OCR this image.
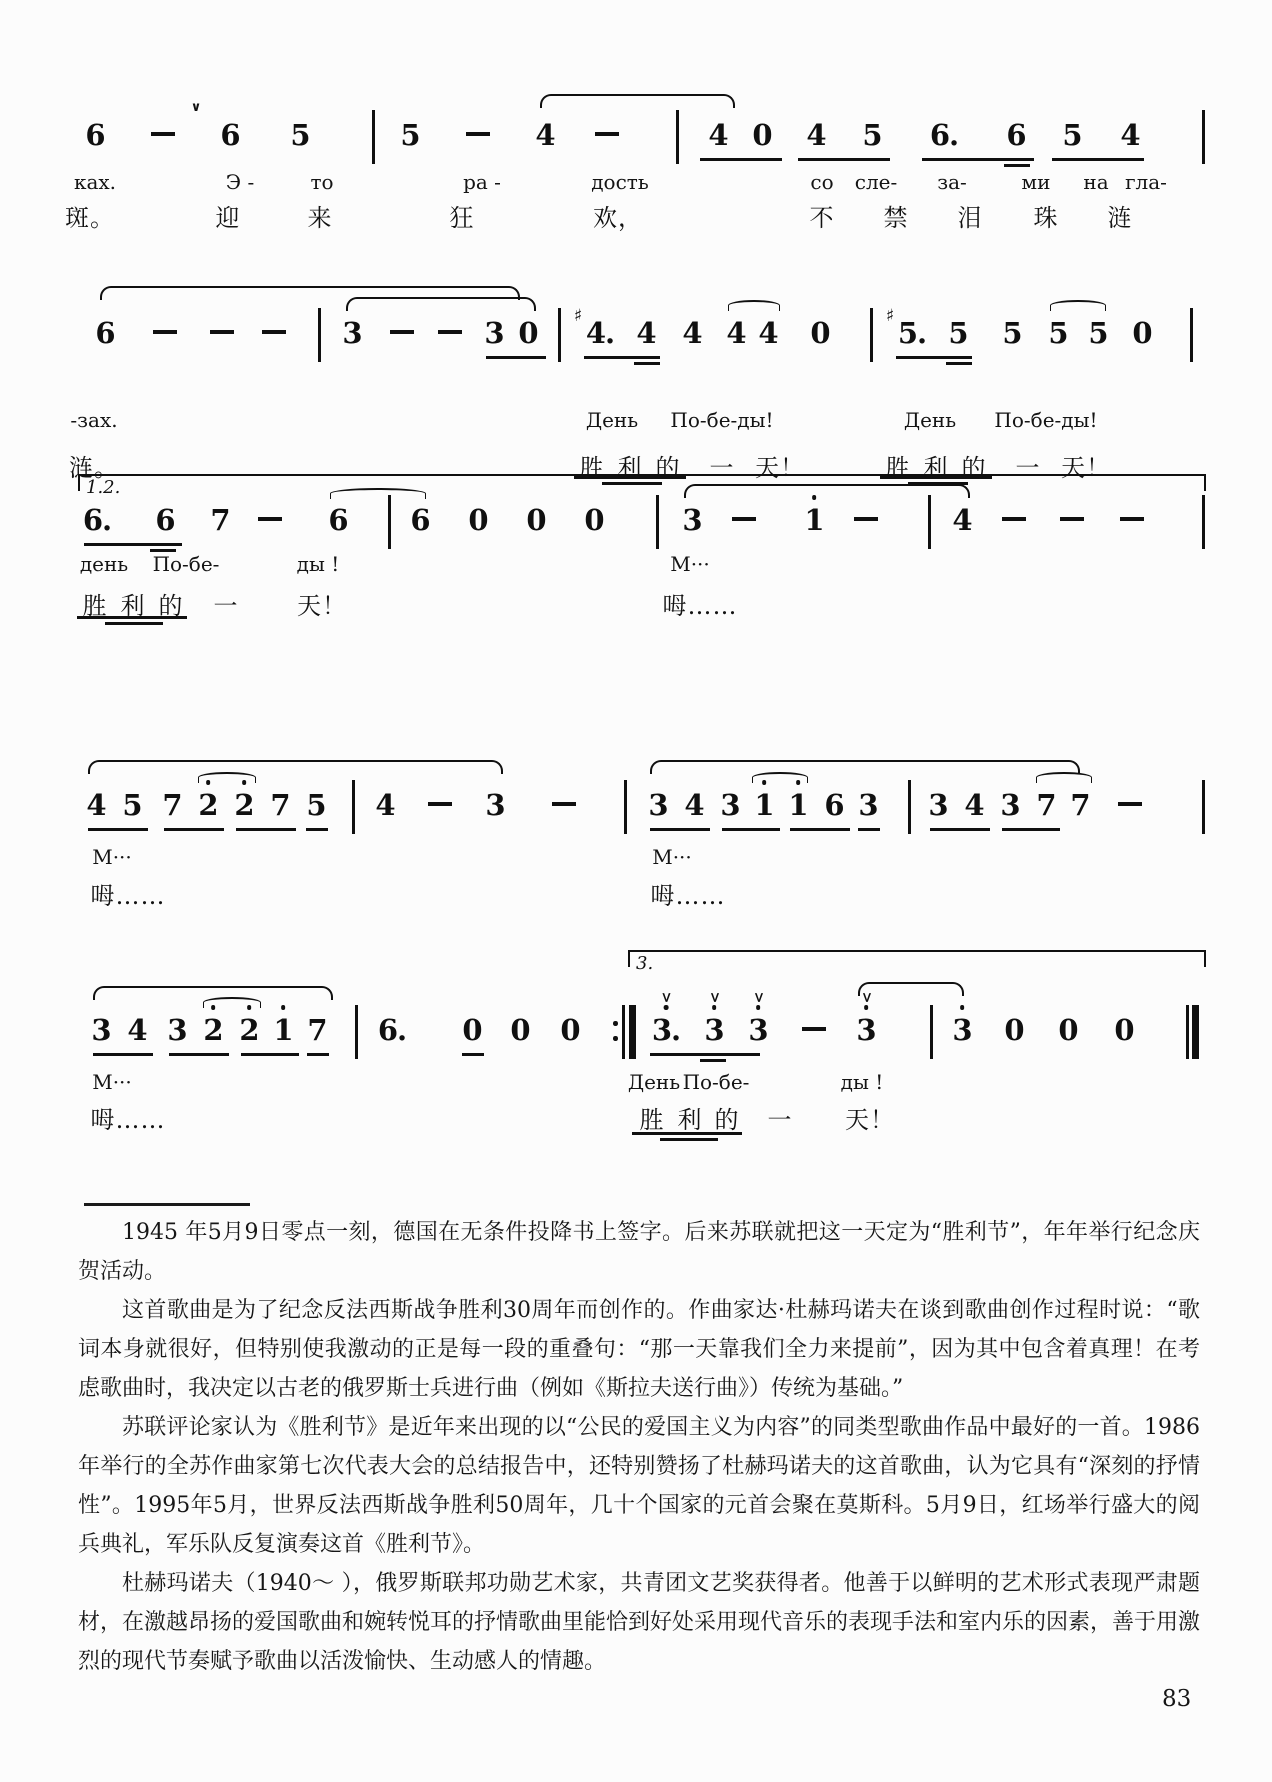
6	6 5	5	4	4 0 4 5 6. 6 5 4
∨
ках.	Э -	то	ра -	дость	со сле- за-	ми на гла-
斑。	迎	来	狂	欢，	不 禁 泪 珠 涟
6	3	3 0 4. 4 4 4 4 0 5. 5 5 5 5 0
♯	♯
-зах.	День По-бе-ды!	День По-бе-ды!
涟。	胜 利 的 一 天！	胜 利 的 一 天！
6. 6 7	6 6 0 0 0	3	1	4
1.2.
день По-бе-	ды !	М···
胜 利 的 一 天！	呣……
4 5 7 2 2 7 5 4	3	3 4 3 1 1 6 3 3 4 3 7 7
М···	М···
呣……	呣……
3 4 3 2 2 1 7 6. 0 0 0 3.
>
3
>
3
>
3
>
3 0 0 0
3.
М···	День По-бе-	ды !
呣……	胜 利 的 一 天！

1945 年5月9日零点一刻，德国在无条件投降书上签字。后来苏联就把这一天定为“胜利节”，年年举行纪念庆贺活动。

这首歌曲是为了纪念反法西斯战争胜利30周年而创作的。作曲家达·杜赫玛诺夫在谈到歌曲创作过程时说：“歌词本身就很好，但特别使我激动的正是每一段的重叠句：“那一天靠我们全力来提前”，因为其中包含着真理！在考虑歌曲时，我决定以古老的俄罗斯士兵进行曲（例如《斯拉夫送行曲》）传统为基础。”

苏联评论家认为《胜利节》是近年来出现的以“公民的爱国主义为内容”的同类型歌曲作品中最好的一首。1986年举行的全苏作曲家第七次代表大会的总结报告中，还特别赞扬了杜赫玛诺夫的这首歌曲，认为它具有“深刻的抒情性”。1995年5月，世界反法西斯战争胜利50周年，几十个国家的元首会聚在莫斯科。5月9日，红场举行盛大的阅兵典礼，军乐队反复演奏这首《胜利节》。

杜赫玛诺夫（1940～ ），俄罗斯联邦功勋艺术家，共青团文艺奖获得者。他善于以鲜明的艺术形式表现严肃题材，在激越昂扬的爱国歌曲和婉转悦耳的抒情歌曲里能恰到好处采用现代音乐的表现手法和室内乐的因素，善于用激烈的现代节奏赋予歌曲以活泼愉快、生动感人的情趣。

83
